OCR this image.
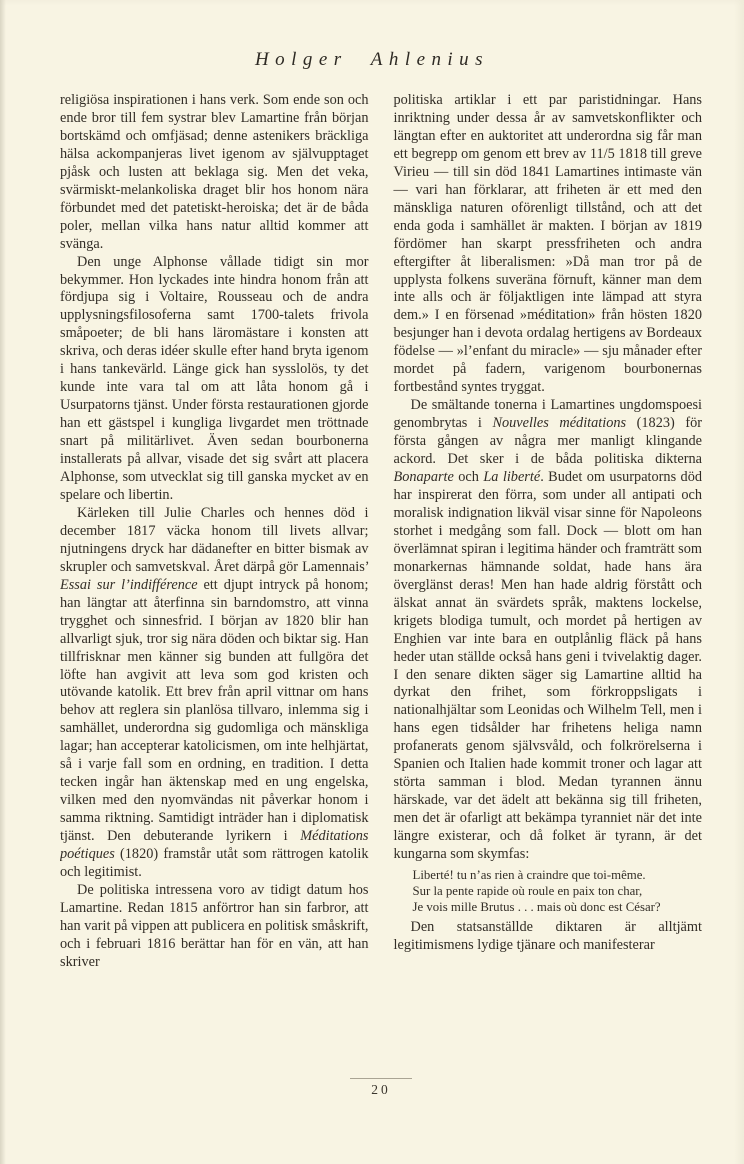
Holger Ahlenius

religiösa inspirationen i hans verk. Som ende son och ende bror till fem systrar blev Lamartine från början bortskämd och omfjäsad; denne astenikers bräckliga hälsa ackompanjeras livet igenom av självupptaget pjåsk och lusten att beklaga sig. Men det veka, svärmiskt-melankoliska draget blir hos honom nära förbundet med det patetiskt-heroiska; det är de båda poler, mellan vilka hans natur alltid kommer att svänga.

Den unge Alphonse vållade tidigt sin mor bekymmer. Hon lyckades inte hindra honom från att fördjupa sig i Voltaire, Rousseau och de andra upplysningsfilosoferna samt 1700-talets frivola småpoeter; de bli hans läromästare i konsten att skriva, och deras idéer skulle efter hand bryta igenom i hans tankevärld. Länge gick han sysslolös, ty det kunde inte vara tal om att låta honom gå i Usurpatorns tjänst. Under första restaurationen gjorde han ett gästspel i kungliga livgardet men tröttnade snart på militärlivet. Även sedan bourbonerna installerats på allvar, visade det sig svårt att placera Alphonse, som utvecklat sig till ganska mycket av en spelare och libertin.

Kärleken till Julie Charles och hennes död i december 1817 väcka honom till livets allvar; njutningens dryck har dädanefter en bitter bismak av skrupler och samvetskval. Året därpå gör Lamennais’ Essai sur l’indifférence ett djupt intryck på honom; han längtar att återfinna sin barndomstro, att vinna trygghet och sinnesfrid. I början av 1820 blir han allvarligt sjuk, tror sig nära döden och biktar sig. Han tillfrisknar men känner sig bunden att fullgöra det löfte han avgivit att leva som god kristen och utövande katolik. Ett brev från april vittnar om hans behov att reglera sin planlösa tillvaro, inlemma sig i samhället, underordna sig gudomliga och mänskliga lagar; han accepterar katolicismen, om inte helhjärtat, så i varje fall som en ordning, en tradition. I detta tecken ingår han äktenskap med en ung engelska, vilken med den nyomvändas nit påverkar honom i samma riktning. Samtidigt inträder han i diplomatisk tjänst. Den debuterande lyrikern i Méditations poétiques (1820) framstår utåt som rättrogen katolik och legitimist.

De politiska intressena voro av tidigt datum hos Lamartine. Redan 1815 anförtror han sin farbror, att han varit på vippen att publicera en politisk småskrift, och i februari 1816 berättar han för en vän, att han skriver

politiska artiklar i ett par paristidningar. Hans inriktning under dessa år av samvetskonflikter och längtan efter en auktoritet att underordna sig får man ett begrepp om genom ett brev av 11/5 1818 till greve Virieu — till sin död 1841 Lamartines intimaste vän — vari han förklarar, att friheten är ett med den mänskliga naturen oförenligt tillstånd, och att det enda goda i samhället är makten. I början av 1819 fördömer han skarpt pressfriheten och andra eftergifter åt liberalismen: »Då man tror på de upplysta folkens suveräna förnuft, känner man dem inte alls och är följaktligen inte lämpad att styra dem.» I en försenad »méditation» från hösten 1820 besjunger han i devota ordalag hertigens av Bordeaux födelse — »l’enfant du miracle» — sju månader efter mordet på fadern, varigenom bourbonernas fortbestånd syntes tryggat.

De smältande tonerna i Lamartines ungdomspoesi genombrytas i Nouvelles méditations (1823) för första gången av några mer manligt klingande ackord. Det sker i de båda politiska dikterna Bonaparte och La liberté. Budet om usurpatorns död har inspirerat den förra, som under all antipati och moralisk indignation likväl visar sinne för Napoleons storhet i medgång som fall. Dock — blott om han överlämnat spiran i legitima händer och framträtt som monarkernas hämnande soldat, hade hans ära överglänst deras! Men han hade aldrig förstått och älskat annat än svärdets språk, maktens lockelse, krigets blodiga tumult, och mordet på hertigen av Enghien var inte bara en outplånlig fläck på hans heder utan ställde också hans geni i tvivelaktig dager. I den senare dikten säger sig Lamartine alltid ha dyrkat den frihet, som förkroppsligats i nationalhjältar som Leonidas och Wilhelm Tell, men i hans egen tidsålder har frihetens heliga namn profanerats genom självsvåld, och folkrörelserna i Spanien och Italien hade kommit troner och lagar att störta samman i blod. Medan tyrannen ännu härskade, var det ädelt att bekänna sig till friheten, men det är ofarligt att bekämpa tyranniet när det inte längre existerar, och då folket är tyrann, är det kungarna som skymfas:

Liberté! tu n’as rien à craindre que toi-même.
Sur la pente rapide où roule en paix ton char,
Je vois mille Brutus . . . mais où donc est César?

Den statsanställde diktaren är alltjämt legitimismens lydige tjänare och manifesterar

20
